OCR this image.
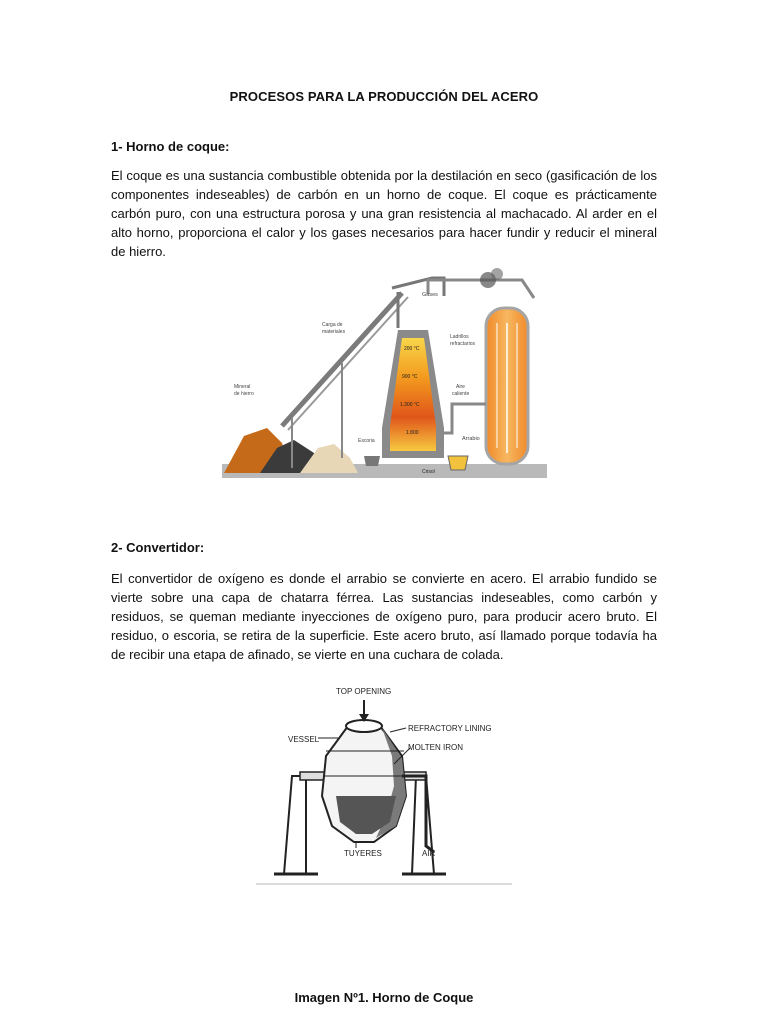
PROCESOS PARA LA PRODUCCIÓN DEL ACERO
1- Horno de coque:
El coque es una sustancia combustible obtenida por la destilación en seco (gasificación de los componentes indeseables) de carbón en un horno de coque. El coque es prácticamente carbón puro, con una estructura porosa y una gran resistencia al machacado. Al arder en el alto horno, proporciona el calor y los gases necesarios para hacer fundir y reducir el mineral de hierro.
Gases
Carga de
materiales
Ladrillos
refractarios
Mineral
de hierro
200 °C
900 °C
1.300 °C
1.800
Aire
caliente
Escoria	Arrabio
Crisol
2- Convertidor:
El convertidor de oxígeno es donde el arrabio se convierte en acero. El arrabio fundido se vierte sobre una capa de chatarra férrea. Las sustancias indeseables, como carbón y residuos, se queman mediante inyecciones de oxígeno puro, para producir acero bruto. El residuo, o escoria, se retira de la superficie. Este acero bruto, así llamado porque todavía ha de recibir una etapa de afinado, se vierte en una cuchara de colada.
TOP OPENING
VESSEL
REFRACTORY LINING
MOLTEN IRON
TUYERES	AIR
Imagen Nº1. Horno de Coque
